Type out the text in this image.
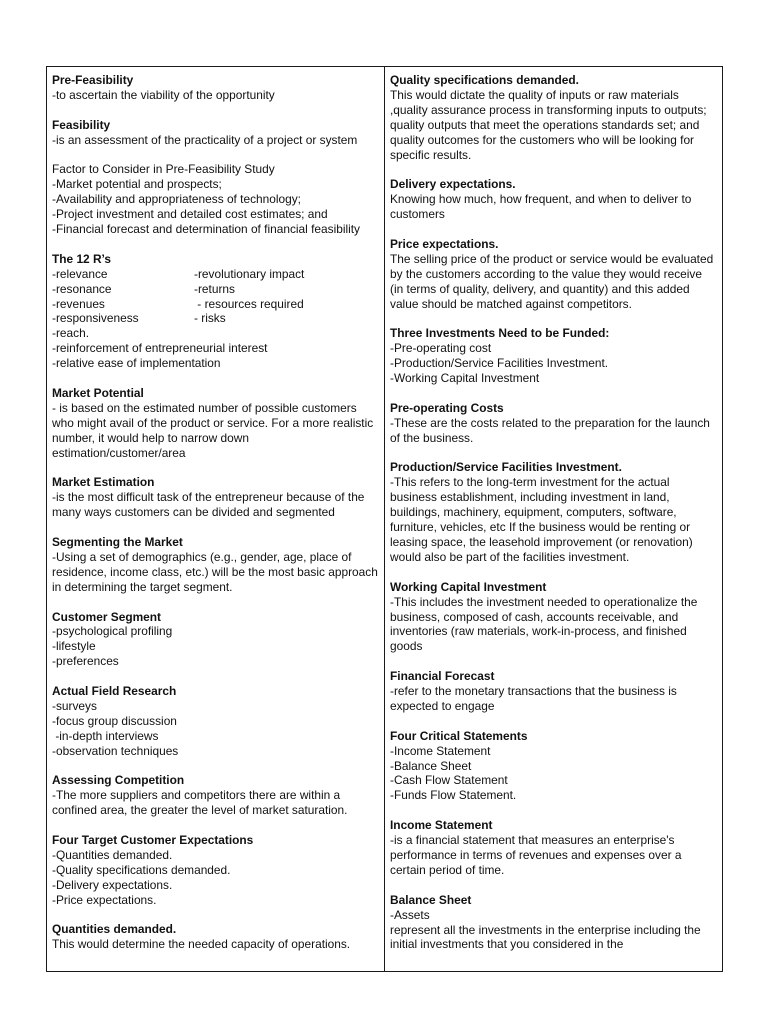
Pre-Feasibility
-to ascertain the viability of the opportunity
Feasibility
-is an assessment of the practicality of a project or system
Factor to Consider in Pre-Feasibility Study
-Market potential and prospects;
-Availability and appropriateness of technology;
-Project investment and detailed cost estimates; and
-Financial forecast and determination of financial feasibility
The 12 R’s
-relevance	-revolutionary impact
-resonance	-returns
-revenues	- resources required
-responsiveness	- risks
-reach.
-reinforcement of entrepreneurial interest
-relative ease of implementation
Market Potential
- is based on the estimated number of possible customers who might avail of the product or service. For a more realistic number, it would help to narrow down estimation/customer/area
Market Estimation
-is the most difficult task of the entrepreneur because of the many ways customers can be divided and segmented
Segmenting the Market
-Using a set of demographics (e.g., gender, age, place of residence, income class, etc.) will be the most basic approach in determining the target segment.
Customer Segment
-psychological profiling
-lifestyle
-preferences
Actual Field Research
-surveys
-focus group discussion
-in-depth interviews
-observation techniques
Assessing Competition
-The more suppliers and competitors there are within a confined area, the greater the level of market saturation.
Four Target Customer Expectations
-Quantities demanded.
-Quality specifications demanded.
-Delivery expectations.
-Price expectations.
Quantities demanded.
This would determine the needed capacity of operations.
Quality specifications demanded.
This would dictate the quality of inputs or raw materials ,quality assurance process in transforming inputs to outputs; quality outputs that meet the operations standards set; and quality outcomes for the customers who will be looking for specific results.
Delivery expectations.
Knowing how much, how frequent, and when to deliver to customers
Price expectations.
The selling price of the product or service would be evaluated by the customers according to the value they would receive (in terms of quality, delivery, and quantity) and this added value should be matched against competitors.
Three Investments Need to be Funded:
-Pre-operating cost
-Production/Service Facilities Investment.
-Working Capital Investment
Pre-operating Costs
-These are the costs related to the preparation for the launch of the business.
Production/Service Facilities Investment.
-This refers to the long-term investment for the actual business establishment, including investment in land, buildings, machinery, equipment, computers, software, furniture, vehicles, etc If the business would be renting or leasing space, the leasehold improvement (or renovation) would also be part of the facilities investment.
Working Capital Investment
-This includes the investment needed to operationalize the business, composed of cash, accounts receivable, and inventories (raw materials, work-in-process, and finished goods
Financial Forecast
-refer to the monetary transactions that the business is expected to engage
Four Critical Statements
-Income Statement
-Balance Sheet
-Cash Flow Statement
-Funds Flow Statement.
Income Statement
-is a financial statement that measures an enterprise's performance in terms of revenues and expenses over a certain period of time.
Balance Sheet
-Assets
represent all the investments in the enterprise including the initial investments that you considered in the
